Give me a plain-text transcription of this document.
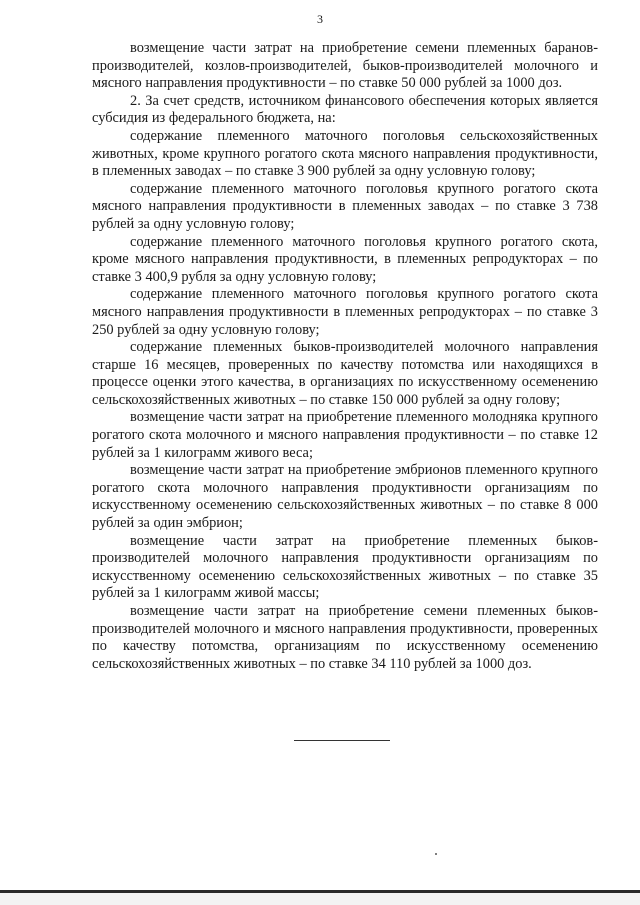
3

возмещение части затрат на приобретение семени племенных баранов-производителей, козлов-производителей, быков-производителей молочного и мясного направления продуктивности – по ставке 50 000 рублей за 1000 доз.

2. За счет средств, источником финансового обеспечения которых является субсидия из федерального бюджета, на:

содержание племенного маточного поголовья сельскохозяйственных животных, кроме крупного рогатого скота мясного направления продуктивности, в племенных заводах – по ставке 3 900 рублей за одну условную голову;

содержание племенного маточного поголовья крупного рогатого скота мясного направления продуктивности в племенных заводах – по ставке 3 738 рублей за одну условную голову;

содержание племенного маточного поголовья крупного рогатого скота, кроме мясного направления продуктивности, в племенных репродукторах – по ставке 3 400,9 рубля за одну условную голову;

содержание племенного маточного поголовья крупного рогатого скота мясного направления продуктивности в племенных репродукторах – по ставке 3 250 рублей за одну условную голову;

содержание племенных быков-производителей молочного направления старше 16 месяцев, проверенных по качеству потомства или находящихся в процессе оценки этого качества, в организациях по искусственному осеменению сельскохозяйственных животных – по ставке 150 000 рублей за одну голову;

возмещение части затрат на приобретение племенного молодняка крупного рогатого скота молочного и мясного направления продуктивности – по ставке 12 рублей за 1 килограмм живого веса;

возмещение части затрат на приобретение эмбрионов племенного крупного рогатого скота молочного направления продуктивности организациям по искусственному осеменению сельскохозяйственных животных – по ставке 8 000 рублей за один эмбрион;

возмещение части затрат на приобретение племенных быков-производителей молочного направления продуктивности организациям по искусственному осеменению сельскохозяйственных животных – по ставке 35 рублей за 1 килограмм живой массы;

возмещение части затрат на приобретение семени племенных быков-производителей молочного и мясного направления продуктивности, проверенных по качеству потомства, организациям по искусственному осеменению сельскохозяйственных животных – по ставке 34 110 рублей за 1000 доз.
